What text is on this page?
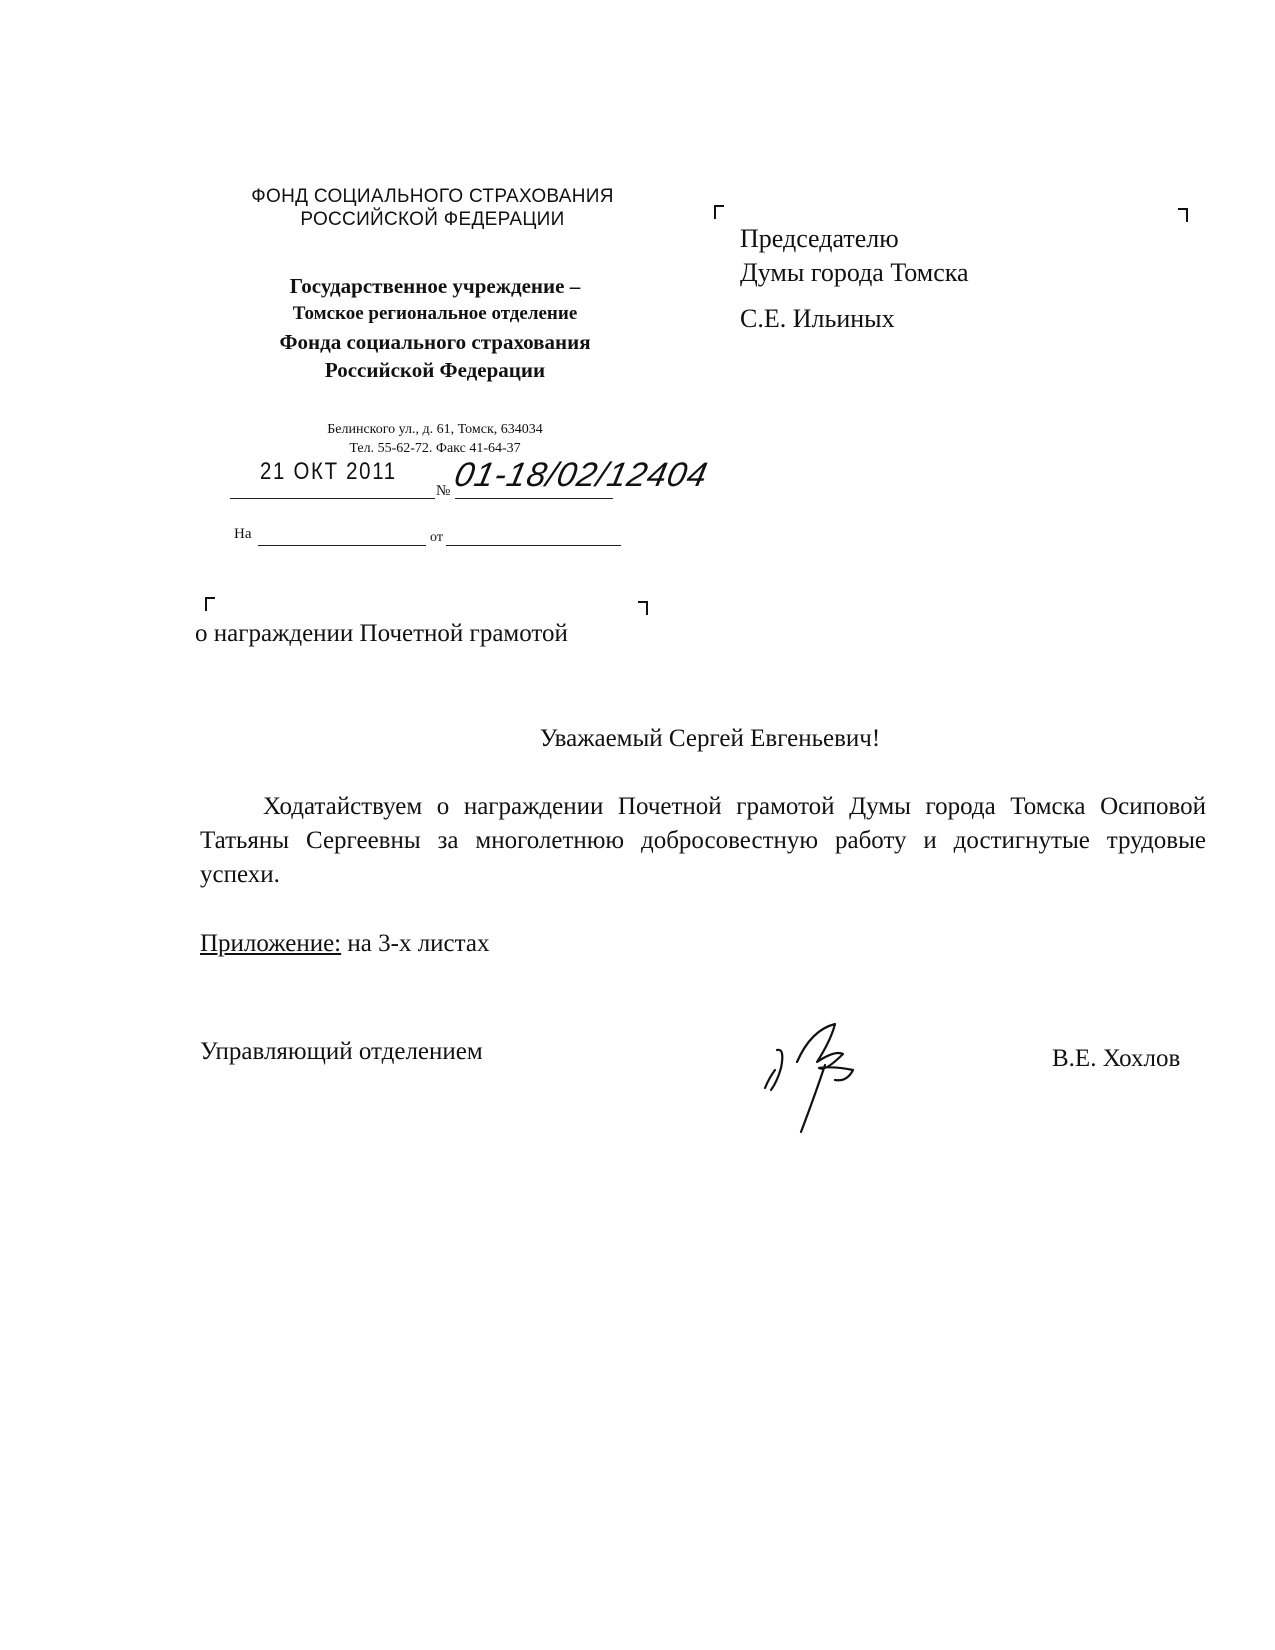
ФОНД СОЦИАЛЬНОГО СТРАХОВАНИЯ
РОССИЙСКОЙ ФЕДЕРАЦИИ
Государственное учреждение –
Томское региональное отделение
Фонда социального страхования
Российской Федерации
Белинского ул., д. 61, Томск, 634034
Тел. 55-62-72. Факс 41-64-37
21 ОКТ 2011
№ 01-18/02/12404
На	от
Председателю
Думы города Томска
С.Е. Ильиных
о награждении Почетной грамотой
Уважаемый Сергей Евгеньевич!
Ходатайствуем о награждении Почетной грамотой Думы города Томска Осиповой Татьяны Сергеевны за многолетнюю добросовестную работу и достигнутые трудовые успехи.
Приложение: на 3-х листах
Управляющий отделением	В.Е. Хохлов
